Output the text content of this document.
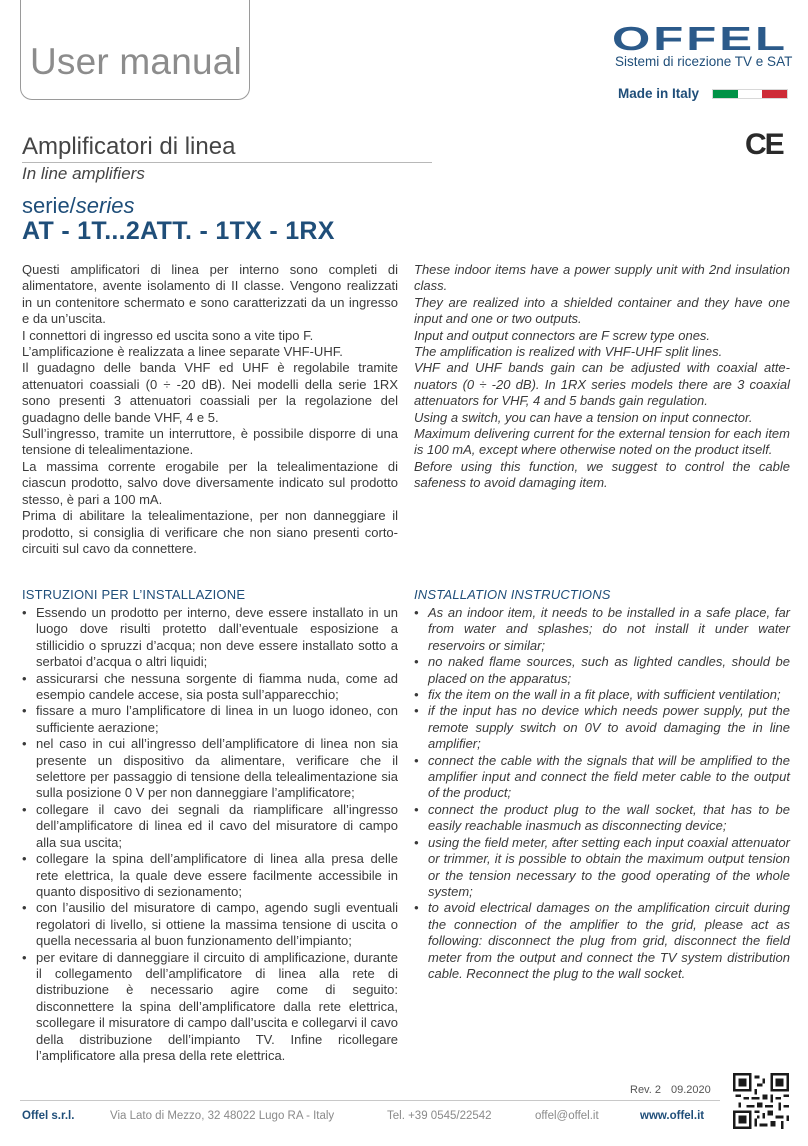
User manual
OFFEL
Sistemi di ricezione TV e SAT
Made in Italy
CE
Amplificatori di linea
In line amplifiers
serie/series
AT - 1T...2ATT. - 1TX - 1RX

Questi amplificatori di linea per interno sono completi di alimentatore, avente isolamento di II classe. Vengono realizzati in un contenitore schermato e sono caratterizzati da un ingresso e da un’uscita.

I connettori di ingresso ed uscita sono a vite tipo F.

L’amplificazione è realizzata a linee separate VHF-UHF.

Il guadagno delle banda VHF ed UHF è regolabile tramite attenuatori coassiali (0 ÷ -20 dB). Nei modelli della serie 1RX sono presenti 3 attenuatori coassiali per la regolazione del guadagno delle bande VHF, 4 e 5.

Sull’ingresso, tramite un interruttore, è possibile disporre di una tensione di telealimentazione.

La massima corrente erogabile per la telealimentazione di ciascun prodotto, salvo dove diversamente indicato sul prodotto stesso, è pari a 100 mA.

Prima di abilitare la telealimentazione, per non danneggiare il prodotto, si consiglia di verificare che non siano presenti corto-circuiti sul cavo da connettere.

These indoor items have a power supply unit with 2nd insulation class.

They are realized into a shielded container and they have one input and one or two outputs.

Input and output connectors are F screw type ones.

The amplification is realized with VHF-UHF split lines.

VHF and UHF bands gain can be adjusted with coaxial atte-nuators (0 ÷ -20 dB). In 1RX series models there are 3 coaxial attenuators for VHF, 4 and 5 bands gain regulation.

Using a switch, you can have a tension on input connector.

Maximum delivering current for the external tension for each item is 100 mA, except where otherwise noted on the product itself.

Before using this function, we suggest to control the cable safeness to avoid damaging item.

ISTRUZIONI PER L’INSTALLAZIONE	INSTALLATION INSTRUCTIONS
• Essendo un prodotto per interno, deve essere installato in un luogo dove risulti protetto dall’eventuale esposizione a stillicidio o spruzzi d’acqua; non deve essere installato sotto a serbatoi d’acqua o altri liquidi;
• assicurarsi che nessuna sorgente di fiamma nuda, come ad esempio candele accese, sia posta sull’apparecchio;
• fissare a muro l’amplificatore di linea in un luogo idoneo, con sufficiente aerazione;
• nel caso in cui all’ingresso dell’amplificatore di linea non sia presente un dispositivo da alimentare, verificare che il selettore per passaggio di tensione della telealimentazione sia sulla posizione 0 V per non danneggiare l’amplificatore;
• collegare il cavo dei segnali da riamplificare all’ingresso dell’amplificatore di linea ed il cavo del misuratore di campo alla sua uscita;
• collegare la spina dell’amplificatore di linea alla presa delle rete elettrica, la quale deve essere facilmente accessibile in quanto dispositivo di sezionamento;
• con l’ausilio del misuratore di campo, agendo sugli eventuali regolatori di livello, si ottiene la massima tensione di uscita o quella necessaria al buon funzionamento dell’impianto;
• per evitare di danneggiare il circuito di amplificazione, durante il collegamento dell’amplificatore di linea alla rete di distribuzione è necessario agire come di seguito: disconnettere la spina dell’amplificatore dalla rete elettrica, scollegare il misuratore di campo dall’uscita e collegarvi il cavo della distribuzione dell’impianto TV. Infine ricollegare l’amplificatore alla presa della rete elettrica.
• As an indoor item, it needs to be installed in a safe place, far from water and splashes; do not install it under water reservoirs or similar;
• no naked flame sources, such as lighted candles, should be placed on the apparatus;
• fix the item on the wall in a fit place, with sufficient ventilation;
• if the input has no device which needs power supply, put the remote supply switch on 0V to avoid damaging the in line amplifier;
• connect the cable with the signals that will be amplified to the amplifier input and connect the field meter cable to the output of the product;
• connect the product plug to the wall socket, that has to be easily reachable inasmuch as disconnecting device;
• using the field meter, after setting each input coaxial attenuator or trimmer, it is possible to obtain the maximum output tension or the tension necessary to the good operating of the whole system;
• to avoid electrical damages on the amplification circuit during the connection of the amplifier to the grid, please act as following: disconnect the plug from grid, disconnect the field meter from the output and connect the TV system distribution cable. Reconnect the plug to the wall socket.
Rev. 2 09.2020
Offel s.r.l.	Via Lato di Mezzo, 32 48022 Lugo RA - Italy	Tel. +39 0545/22542	offel@offel.it	www.offel.it
